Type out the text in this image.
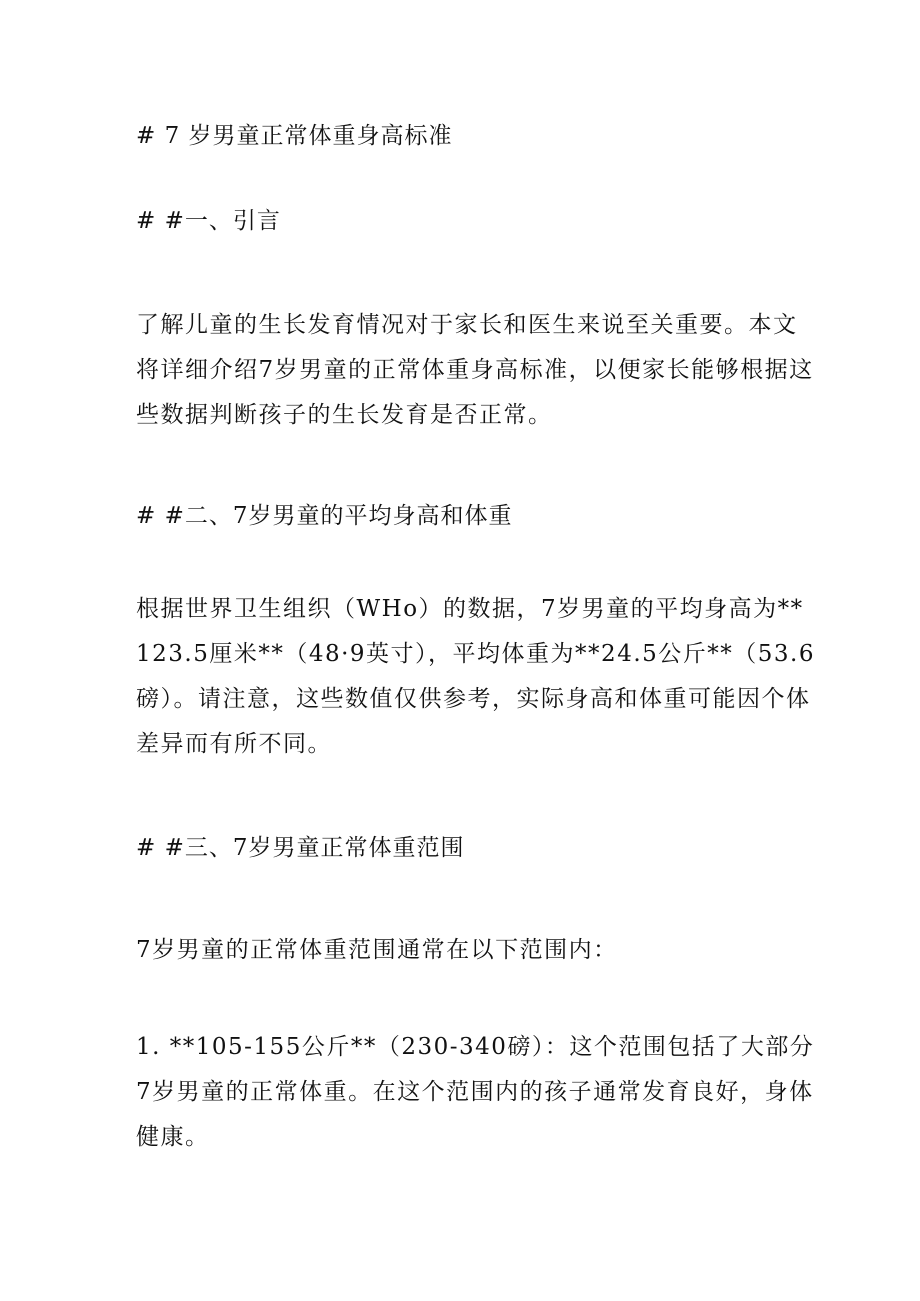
# 7 岁男童正常体重身高标准
# #一、引言
了解儿童的生长发育情况对于家长和医生来说至关重要。本文将详细介绍7岁男童的正常体重身高标准，以便家长能够根据这些数据判断孩子的生长发育是否正常。
# #二、7岁男童的平均身高和体重
根据世界卫生组织（WHo）的数据，7岁男童的平均身高为**123.5厘米**（48·9英寸），平均体重为**24.5公斤**（53.6磅）。请注意，这些数值仅供参考，实际身高和体重可能因个体差异而有所不同。
# #三、7岁男童正常体重范围
7岁男童的正常体重范围通常在以下范围内：
1. **105-155公斤**（230-340磅）：这个范围包括了大部分7岁男童的正常体重。在这个范围内的孩子通常发育良好，身体健康。
